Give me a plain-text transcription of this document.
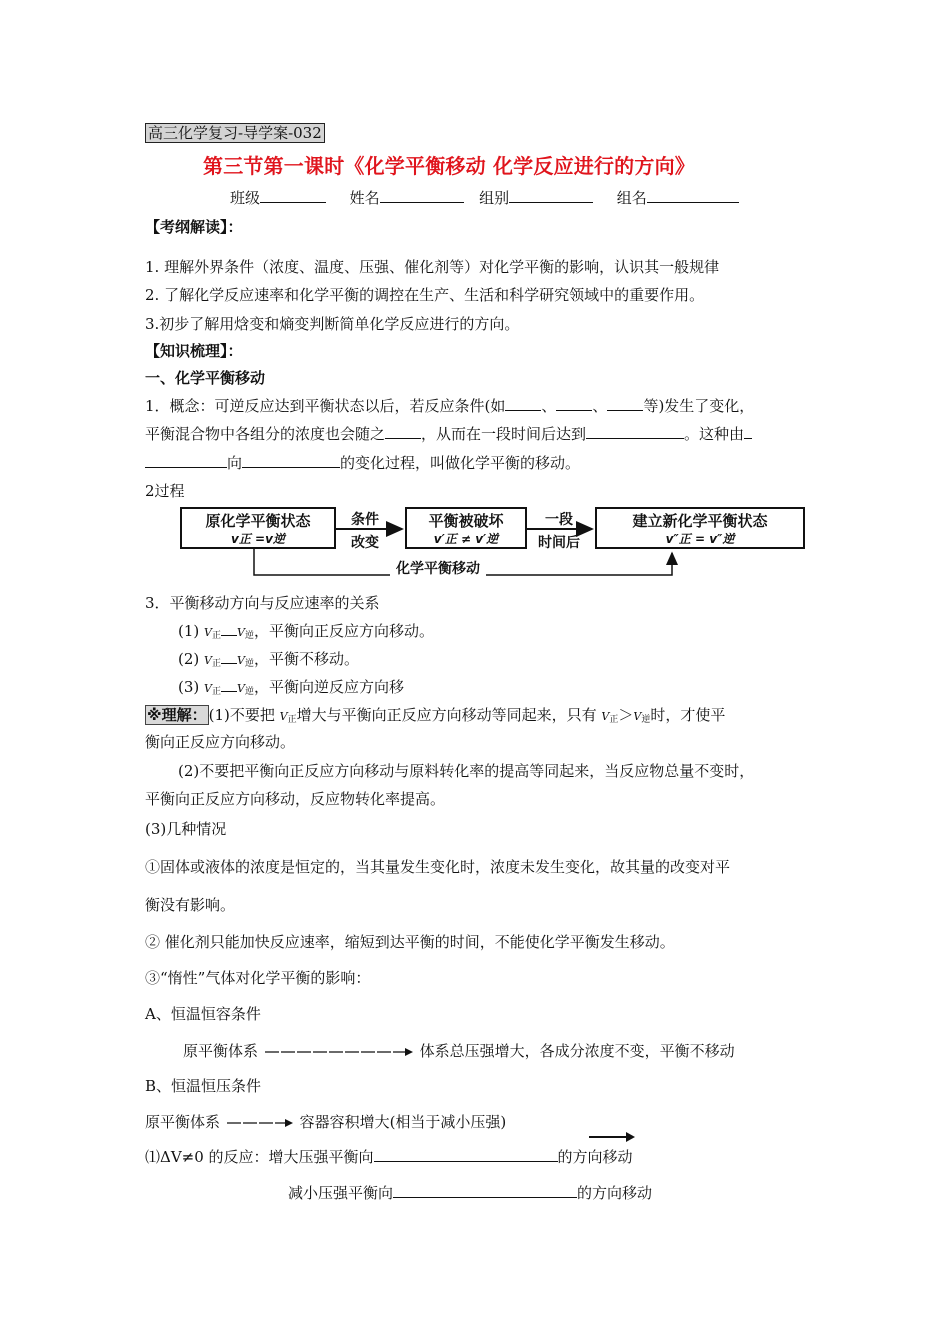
高三化学复习-导学案-032
第三节第一课时《化学平衡移动 化学反应进行的方向》
班级	姓名	组别	组名
【考纲解读】：
1. 理解外界条件（浓度、温度、压强、催化剂等）对化学平衡的影响，认识其一般规律
2. 了解化学反应速率和化学平衡的调控在生产、生活和科学研究领域中的重要作用。
3.初步了解用焓变和熵变判断简单化学反应进行的方向。
【知识梳理】：
一、化学平衡移动
1．概念：可逆反应达到平衡状态以后，若反应条件(如 、 、 等)发生了变化，
平衡混合物中各组分的浓度也会随之 ，从而在一段时间后达到	。这种由
向	的变化过程，叫做化学平衡的移动。
2过程
原化学平衡状态
v正 =v逆
平衡被破坏
v′正 ≠ v′逆
建立新化学平衡状态
v″正 = v″逆
条件
改变
一段
时间后
化学平衡移动
3．平衡移动方向与反应速率的关系
(1) $V_正$ $V_逆$，平衡向正反应方向移动。
(2) $V_正$ $V_逆$，平衡不移动。
(3) $V_正$ $V_逆$，平衡向逆反应方向移
※理解： (1)不要把 $V_正$增大与平衡向正反应方向移动等同起来，只有 $V_正>V_逆$时，才使平
衡向正反应方向移动。
(2)不要把平衡向正反应方向移动与原料转化率的提高等同起来，当反应物总量不变时，
平衡向正反应方向移动，反应物转化率提高。
(3)几种情况
①固体或液体的浓度是恒定的，当其量发生变化时，浓度未发生变化，故其量的改变对平
衡没有影响。
② 催化剂只能加快反应速率，缩短到达平衡的时间，不能使化学平衡发生移动。
③“惰性”气体对化学平衡的影响：
A、恒温恒容条件
原平衡体系	体系总压强增大，各成分浓度不变，平衡不移动
B、恒温恒压条件
原平衡体系	容器容积增大(相当于减小压强)
⑴ΔV≠0 的反应：增大压强平衡向	的方向移动
减小压强平衡向	的方向移动
